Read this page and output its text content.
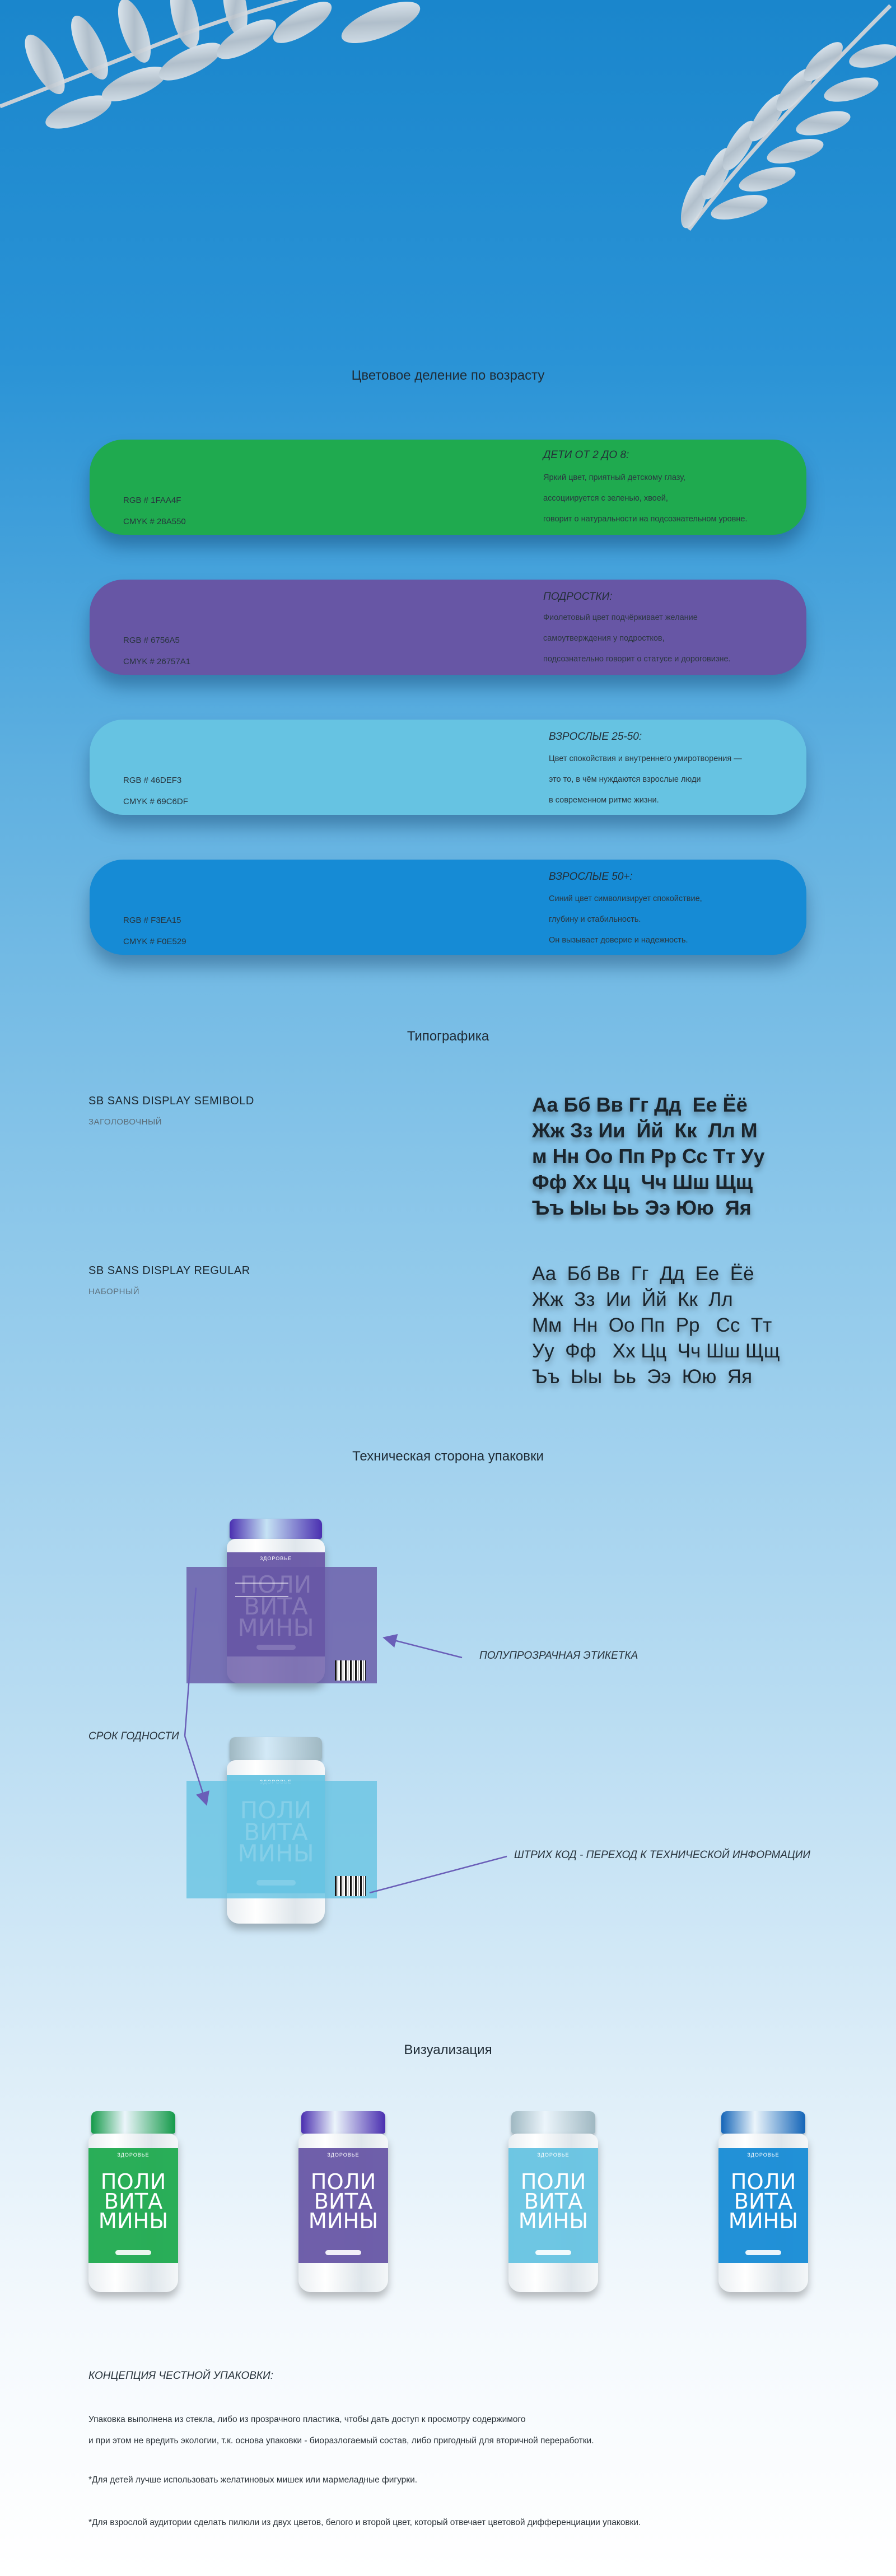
Цветовое деление по возрасту
RGB # 1FAA4F
CMYK # 28A550
ДЕТИ ОТ 2 ДО 8:
Яркий цвет, приятный детскому глазу,
ассоциируется с зеленью, хвоей,
говорит о натуральности на подсознательном уровне.
RGB # 6756A5
CMYK # 26757A1
ПОДРОСТКИ:
Фиолетовый цвет подчёркивает желание
самоутверждения у подростков,
подсознательно говорит о статусе и дороговизне.
RGB # 46DEF3
CMYK # 69C6DF
ВЗРОСЛЫЕ 25-50:
Цвет спокойствия и внутреннего умиротворения —
это то, в чём нуждаются взрослые люди
в современном ритме жизни.
RGB # F3EA15
CMYK # F0E529
ВЗРОСЛЫЕ 50+:
Синий цвет символизирует спокойствие,
глубину и стабильность.
Он вызывает доверие и надежность.
Типографика
SB SANS DISPLAY SEMIBOLD
ЗАГОЛОВОЧНЫЙ
Аа Бб Вв Гг Дд  Ее Ёё
Жж Зз Ии  Йй  Кк  Лл М
м Нн Оо Пп Рр Сс Тт Уу
Фф Хх Цц  Чч Шш Щщ
Ъъ Ыы Ьь Ээ Юю  Яя
SB SANS DISPLAY REGULAR
НАБОРНЫЙ
Аа  Бб Вв  Гг  Дд  Ее  Ёё
Жж  Зз  Ии  Йй  Кк  Лл
Мм  Нн  Оо Пп  Рр   Сс  Тт
Уу  Фф   Хх Цц  Чч Шш Щщ
Ъъ  Ыы  Ьь  Ээ  Юю  Яя
Техническая сторона упаковки
ЗДОРОВЬЕ
ПОЛУПРОЗРАЧНАЯ ЭТИКЕТКА
СРОК ГОДНОСТИ
ШТРИХ КОД - ПЕРЕХОД К ТЕХНИЧЕСКОЙ ИНФОРМАЦИИ
Визуализация
ЗДОРОВЬЕ
ПОЛИ
ВИТА
МИНЫ
ЗДОРОВЬЕ
ПОЛИ
ВИТА
МИНЫ
ЗДОРОВЬЕ
ПОЛИ
ВИТА
МИНЫ
ЗДОРОВЬЕ
ПОЛИ
ВИТА
МИНЫ
КОНЦЕПЦИЯ ЧЕСТНОЙ УПАКОВКИ:
Упаковка выполнена из стекла, либо из прозрачного пластика, чтобы дать доступ к просмотру содержимого
и при этом не вредить экологии, т.к. основа упаковки - биоразлогаемый состав, либо пригодный для вторичной переработки.
*Для детей лучше использовать желатиновых мишек или мармеладные фигурки.
*Для взрослой аудитории сделать пилюли из двух цветов, белого и второй цвет, который отвечает цветовой дифференциации упаковки.
